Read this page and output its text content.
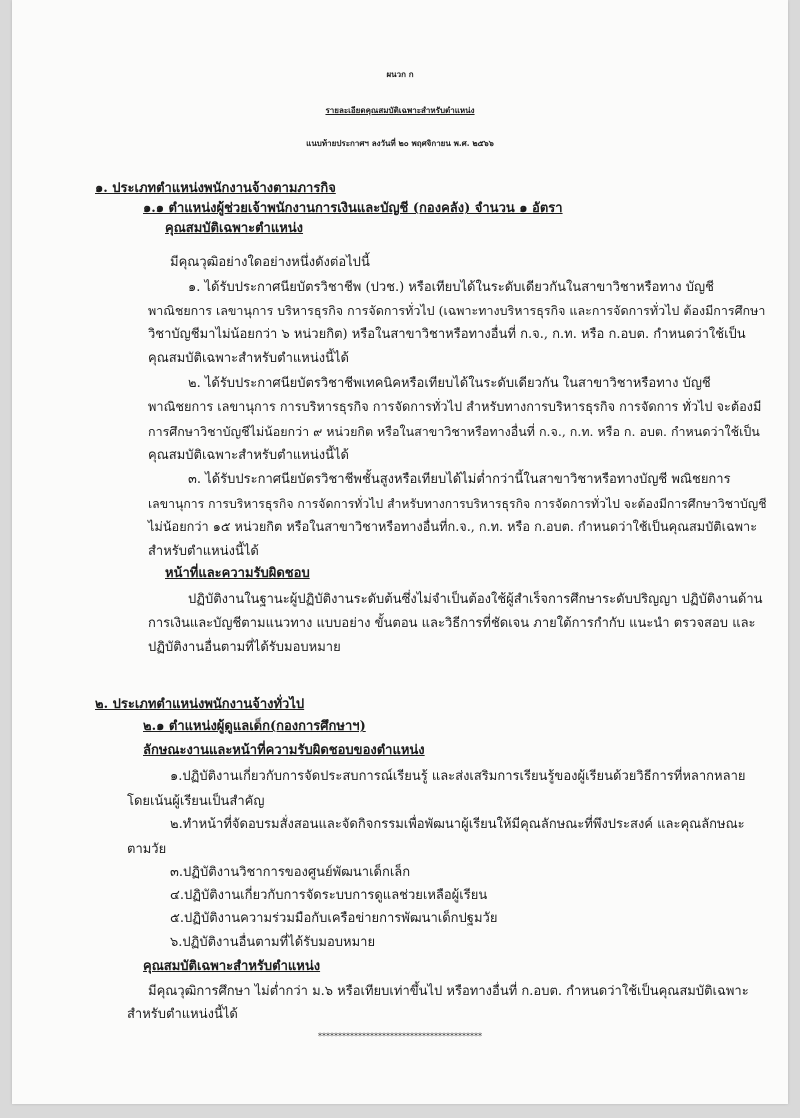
ผนวก ก
รายละเอียดคุณสมบัติเฉพาะสำหรับตำแหน่ง
แนบท้ายประกาศฯ ลงวันที่ ๒๐ พฤศจิกายน พ.ศ. ๒๕๖๖
๑. ประเภทตำแหน่งพนักงานจ้างตามภารกิจ
๑.๑ ตำแหน่งผู้ช่วยเจ้าพนักงานการเงินและบัญชี (กองคลัง) จำนวน ๑ อัตรา
คุณสมบัติเฉพาะตำแหน่ง
มีคุณวุฒิอย่างใดอย่างหนึ่งดังต่อไปนี้
๑. ได้รับประกาศนียบัตรวิชาชีพ (ปวช.) หรือเทียบได้ในระดับเดียวกันในสาขาวิชาหรือทาง บัญชี
พาณิชยการ เลขานุการ บริหารธุรกิจ การจัดการทั่วไป (เฉพาะทางบริหารธุรกิจ และการจัดการทั่วไป ต้องมีการศึกษา
วิชาบัญชีมาไม่น้อยกว่า ๖ หน่วยกิต) หรือในสาขาวิชาหรือทางอื่นที่ ก.จ., ก.ท. หรือ ก.อบต. กำหนดว่าใช้เป็น
คุณสมบัติเฉพาะสำหรับตำแหน่งนี้ได้
๒. ได้รับประกาศนียบัตรวิชาชีพเทคนิคหรือเทียบได้ในระดับเดียวกัน ในสาขาวิชาหรือทาง บัญชี
พาณิชยการ เลขานุการ การบริหารธุรกิจ การจัดการทั่วไป สำหรับทางการบริหารธุรกิจ การจัดการ ทั่วไป จะต้องมี
การศึกษาวิชาบัญชีไม่น้อยกว่า ๙ หน่วยกิต หรือในสาขาวิชาหรือทางอื่นที่ ก.จ., ก.ท. หรือ ก. อบต. กำหนดว่าใช้เป็น
คุณสมบัติเฉพาะสำหรับตำแหน่งนี้ได้
๓. ได้รับประกาศนียบัตรวิชาชีพชั้นสูงหรือเทียบได้ไม่ต่ำกว่านี้ในสาขาวิชาหรือทางบัญชี พณิชยการ
เลขานุการ การบริหารธุรกิจ การจัดการทั่วไป สำหรับทางการบริหารธุรกิจ การจัดการทั่วไป จะต้องมีการศึกษาวิชาบัญชี
ไม่น้อยกว่า ๑๕ หน่วยกิต หรือในสาขาวิชาหรือทางอื่นที่ก.จ., ก.ท. หรือ ก.อบต. กำหนดว่าใช้เป็นคุณสมบัติเฉพาะ
สำหรับตำแหน่งนี้ได้
หน้าที่และความรับผิดชอบ
ปฏิบัติงานในฐานะผู้ปฏิบัติงานระดับต้นซึ่งไม่จำเป็นต้องใช้ผู้สำเร็จการศึกษาระดับปริญญา ปฏิบัติงานด้าน
การเงินและบัญชีตามแนวทาง แบบอย่าง ขั้นตอน และวิธีการที่ชัดเจน ภายใต้การกำกับ แนะนำ ตรวจสอบ และ
ปฏิบัติงานอื่นตามที่ได้รับมอบหมาย
๒. ประเภทตำแหน่งพนักงานจ้างทั่วไป
๒.๑ ตำแหน่งผู้ดูแลเด็ก(กองการศึกษาฯ)
ลักษณะงานและหน้าที่ความรับผิดชอบของตำแหน่ง
๑.ปฏิบัติงานเกี่ยวกับการจัดประสบการณ์เรียนรู้ และส่งเสริมการเรียนรู้ของผู้เรียนด้วยวิธีการที่หลากหลาย
โดยเน้นผู้เรียนเป็นสำคัญ
๒.ทำหน้าที่จัดอบรมสั่งสอนและจัดกิจกรรมเพื่อพัฒนาผู้เรียนให้มีคุณลักษณะที่พึงประสงค์ และคุณลักษณะ
ตามวัย
๓.ปฏิบัติงานวิชาการของศูนย์พัฒนาเด็กเล็ก
๔.ปฏิบัติงานเกี่ยวกับการจัดระบบการดูแลช่วยเหลือผู้เรียน
๕.ปฏิบัติงานความร่วมมือกับเครือข่ายการพัฒนาเด็กปฐมวัย
๖.ปฏิบัติงานอื่นตามที่ได้รับมอบหมาย
คุณสมบัติเฉพาะสำหรับตำแหน่ง
มีคุณวุฒิการศึกษา ไม่ต่ำกว่า ม.๖ หรือเทียบเท่าขึ้นไป หรือทางอื่นที่ ก.อบต. กำหนดว่าใช้เป็นคุณสมบัติเฉพาะ
สำหรับตำแหน่งนี้ได้
*****************************************
